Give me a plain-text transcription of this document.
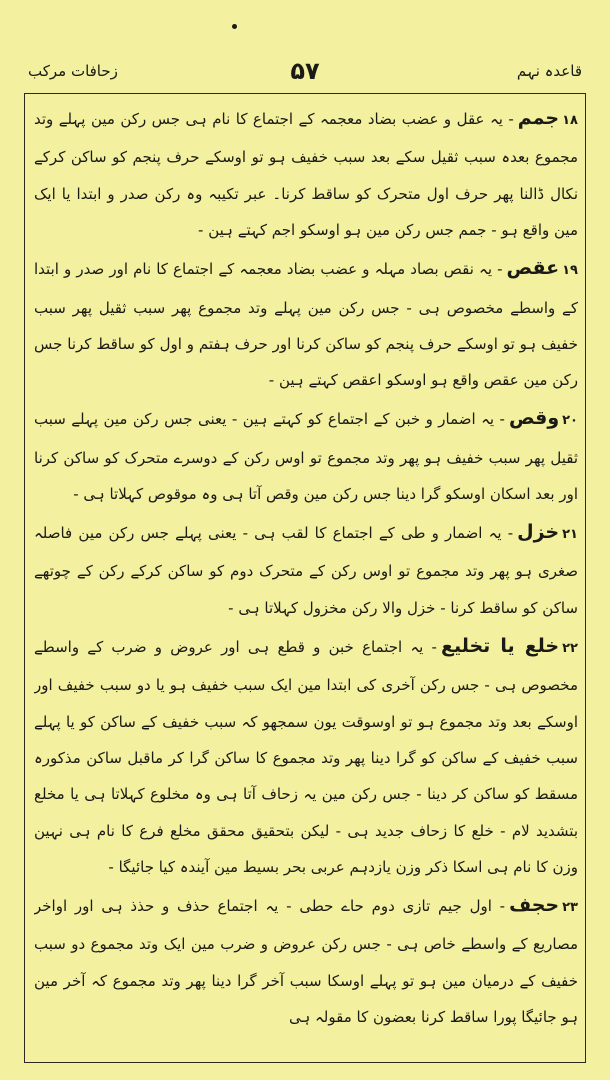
زحافات مرکب	۵۷	قاعدہ نہم

۱۸جمم- یہ عقل و عضب بضاد معجمہ کے اجتماع کا نام ہی جس رکن مین پہلے وتد مجموع بعدہ سبب ثقیل سکے بعد سبب خفیف ہو تو اوسکے حرف پنجم کو ساکن کرکے نکال ڈالنا پھر حرف اول متحرک کو ساقط کرنا۔ عبر تکیبہ وہ رکن صدر و ابتدا یا ایک مین واقع ہو - جمم جس رکن مین ہو اوسکو اجم کہتے ہین -

۱۹عقص- یہ نقص بصاد مہلہ و عضب بضاد معجمہ کے اجتماع کا نام اور صدر و ابتدا کے واسطے مخصوص ہی - جس رکن مین پہلے وتد مجموع پھر سبب ثقیل پھر سبب خفیف ہو تو اوسکے حرف پنجم کو ساکن کرنا اور حرف ہفتم و اول کو ساقط کرنا جس رکن مین عقص واقع ہو اوسکو اعقص کہتے ہین -

۲۰وقص- یہ اضمار و خبن کے اجتماع کو کہتے ہین - یعنی جس رکن مین پہلے سبب ثقیل پھر سبب خفیف ہو پھر وتد مجموع تو اوس رکن کے دوسرے متحرک کو ساکن کرنا اور بعد اسکان اوسکو گرا دینا جس رکن مین وقص آتا ہی وہ موقوص کہلاتا ہی -

۲۱خزل- یہ اضمار و طی کے اجتماع کا لقب ہی - یعنی پہلے جس رکن مین فاصلہ صغری ہو پھر وتد مجموع تو اوس رکن کے متحرک دوم کو ساکن کرکے رکن کے چوتھے ساکن کو ساقط کرنا - خزل والا رکن مخزول کہلاتا ہی -

۲۲خلع یا تخلیع- یہ اجتماع خبن و قطع ہی اور عروض و ضرب کے واسطے مخصوص ہی - جس رکن آخری کی ابتدا مین ایک سبب خفیف ہو یا دو سبب خفیف اور اوسکے بعد وتد مجموع ہو تو اوسوقت یون سمجھو کہ سبب خفیف کے ساکن کو یا پہلے سبب خفیف کے ساکن کو گرا دینا پھر وتد مجموع کا ساکن گرا کر ماقبل ساکن مذکورہ مسقط کو ساکن کر دینا - جس رکن مین یہ زحاف آتا ہی وہ مخلوع کہلاتا ہی یا مخلع بتشدید لام - خلع کا زحاف جدید ہی - لیکن بتحقیق محقق مخلع فرع کا نام ہی نہین وزن کا نام ہی اسکا ذکر وزن یازدہم عربی بحر بسیط مین آیندہ کیا جائیگا -

۲۳حجف- اول جیم تازی دوم حاے حطی - یہ اجتماع حذف و حذذ ہی اور اواخر مصاریع کے واسطے خاص ہی - جس رکن عروض و ضرب مین ایک وتد مجموع دو سبب خفیف کے درمیان مین ہو تو پہلے اوسکا سبب آخر گرا دینا پھر وتد مجموع کہ آخر مین ہو جائیگا پورا ساقط کرنا بعضون کا مقولہ ہی
